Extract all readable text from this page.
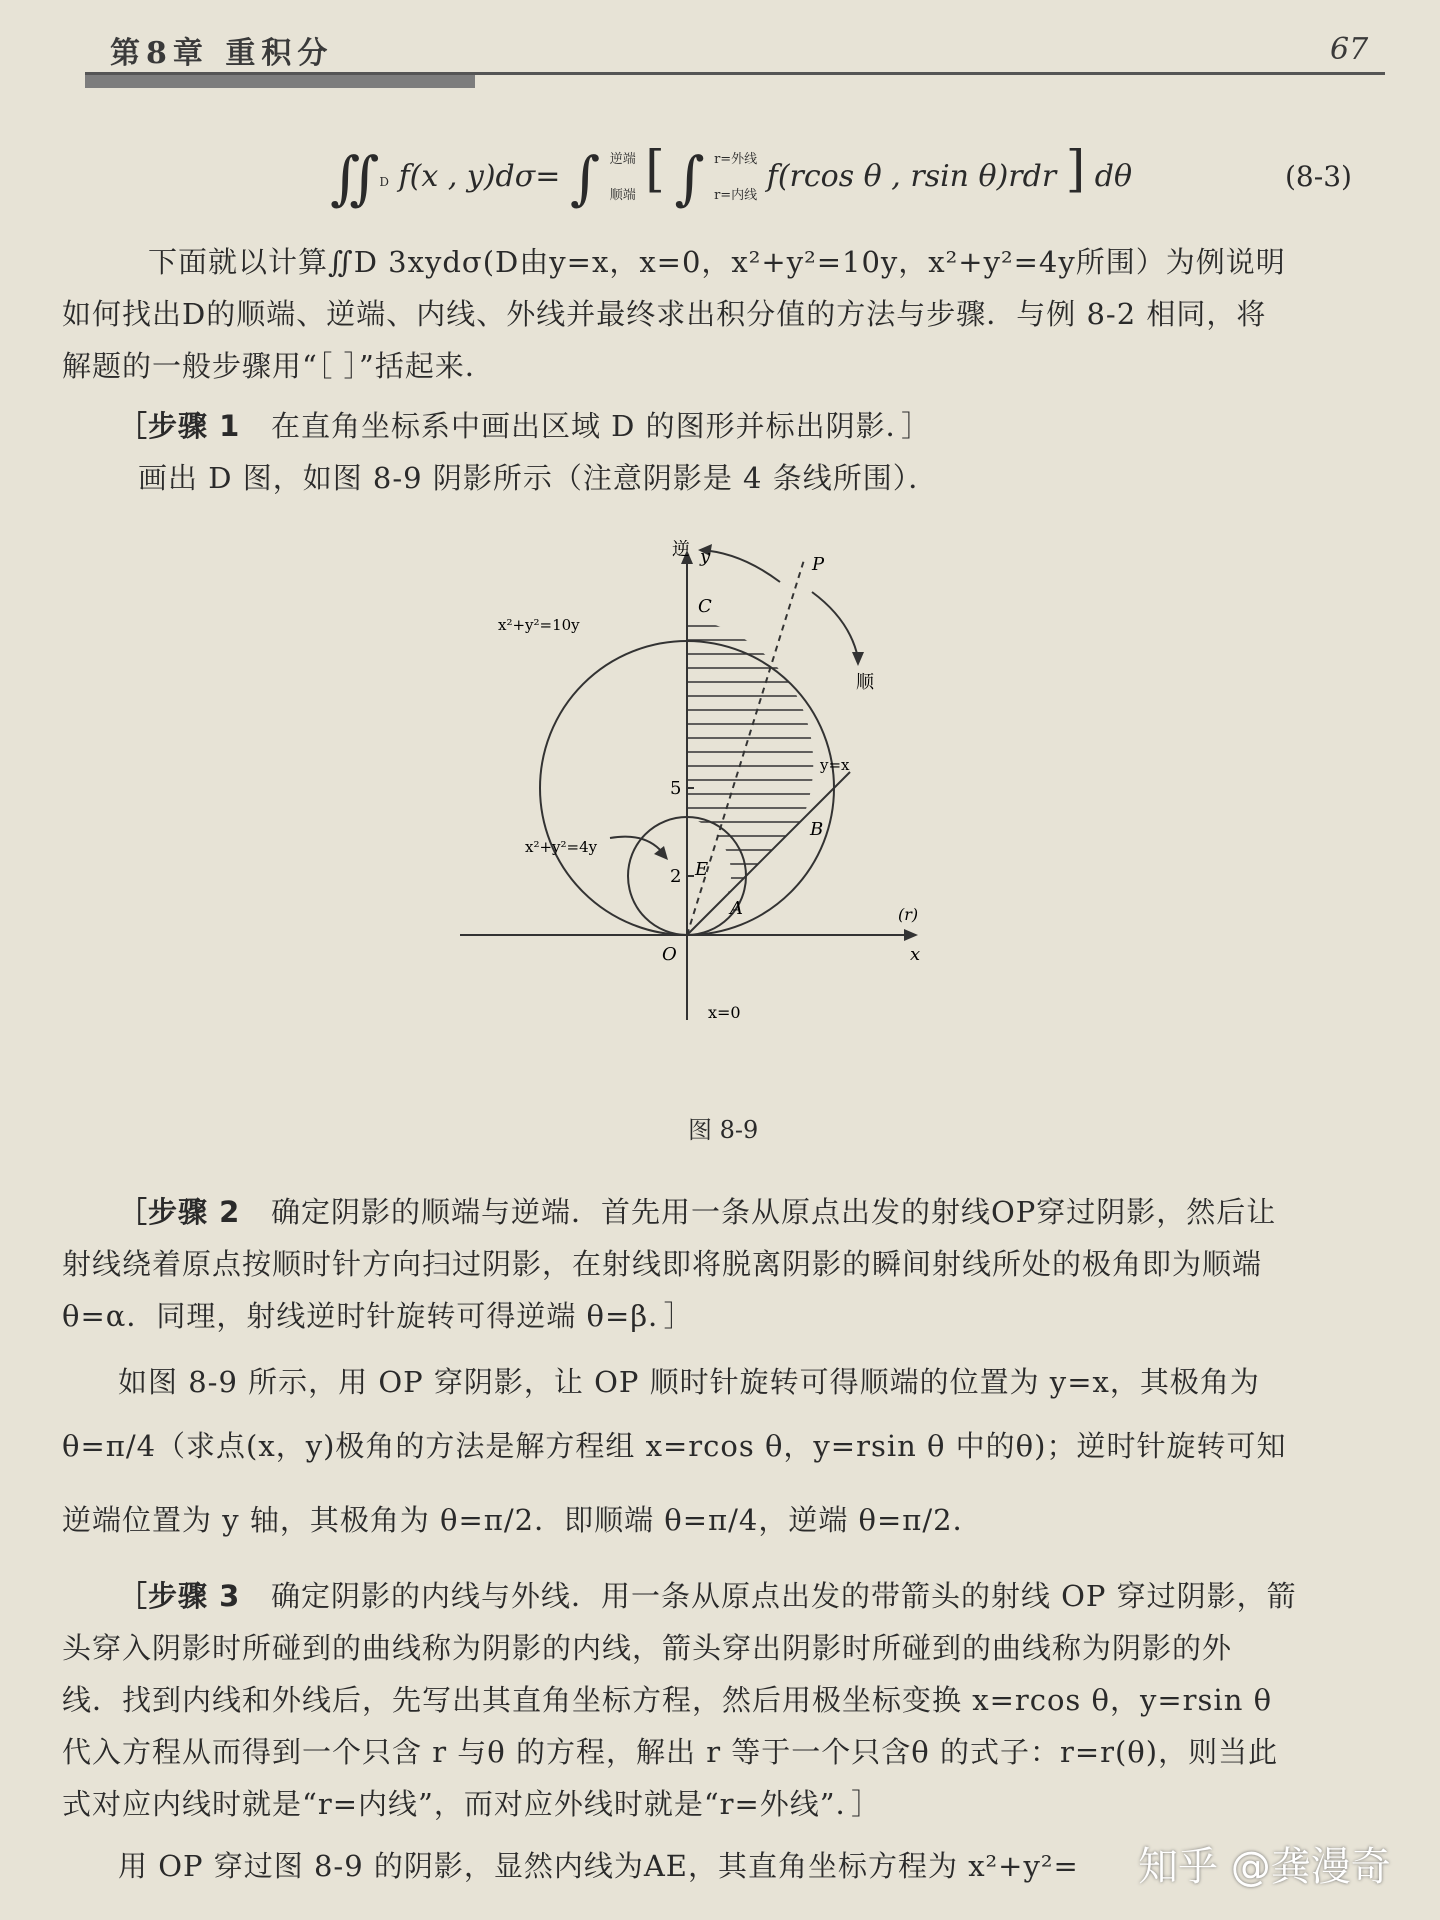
第8章 重积分	67
∬D f(x , y)dσ= ∫ 逆端
顺端 [ ∫ r=外线
r=内线 f(rcos θ , rsin θ)rdr ] dθ	(8-3)
下面就以计算∬D 3xydσ(D由y=x，x=0，x²+y²=10y，x²+y²=4y所围）为例说明
如何找出D的顺端、逆端、内线、外线并最终求出积分值的方法与步骤．与例 8-2 相同，将
解题的一般步骤用“［ ］”括起来．
［步骤 1 在直角坐标系中画出区域 D 的图形并标出阴影．］
画出 D 图，如图 8-9 阴影所示（注意阴影是 4 条线所围）．
y
x
O
C
B
A
E
P
5
2
x²+y²=10y
x²+y²=4y
y=x
x=0
(r)
逆
顺
图 8-9
［步骤 2 确定阴影的顺端与逆端．首先用一条从原点出发的射线OP穿过阴影，然后让
射线绕着原点按顺时针方向扫过阴影，在射线即将脱离阴影的瞬间射线所处的极角即为顺端
θ=α．同理，射线逆时针旋转可得逆端 θ=β．］
如图 8-9 所示，用 OP 穿阴影，让 OP 顺时针旋转可得顺端的位置为 y=x，其极角为
θ=π/4（求点(x，y)极角的方法是解方程组 x=rcos θ，y=rsin θ 中的θ)；逆时针旋转可知
逆端位置为 y 轴，其极角为 θ=π/2．即顺端 θ=π/4，逆端 θ=π/2．
［步骤 3 确定阴影的内线与外线．用一条从原点出发的带箭头的射线 OP 穿过阴影，箭
头穿入阴影时所碰到的曲线称为阴影的内线，箭头穿出阴影时所碰到的曲线称为阴影的外
线．找到内线和外线后，先写出其直角坐标方程，然后用极坐标变换 x=rcos θ，y=rsin θ
代入方程从而得到一个只含 r 与θ 的方程，解出 r 等于一个只含θ 的式子：r=r(θ)，则当此
式对应内线时就是“r=内线”，而对应外线时就是“r=外线”．］
用 OP 穿过图 8-9 的阴影，显然内线为AE，其直角坐标方程为 x²+y²= 知乎 @龚漫奇
